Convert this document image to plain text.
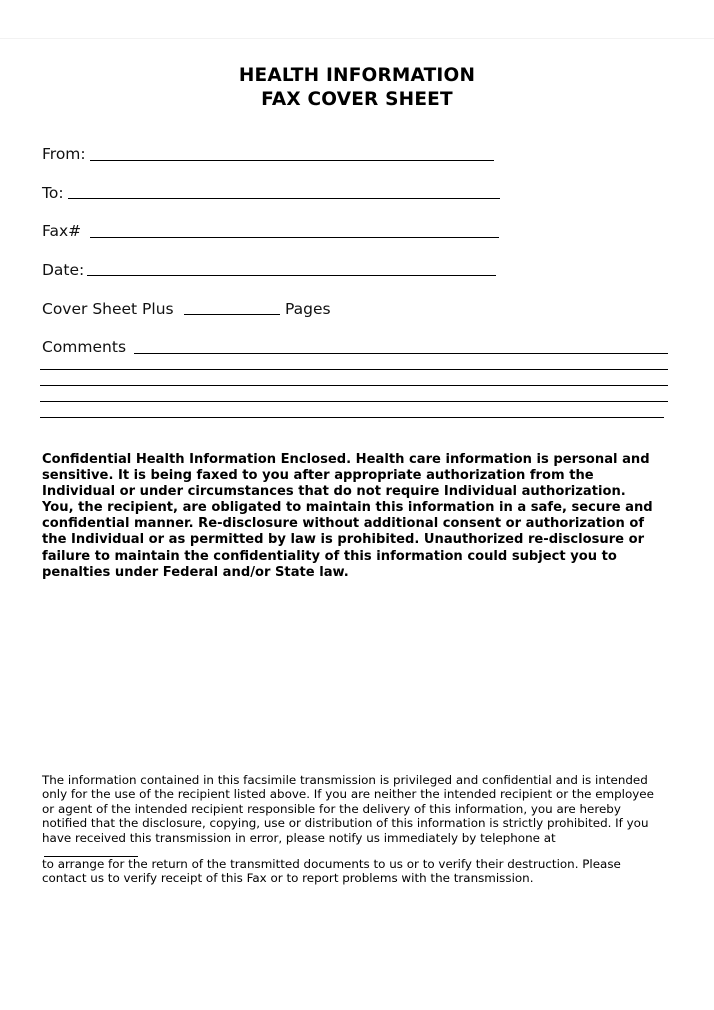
HEALTH INFORMATION
FAX COVER SHEET
From:
To:
Fax#
Date:
Cover Sheet Plus	Pages
Comments
Confidential Health Information Enclosed. Health care information is personal and
sensitive. It is being faxed to you after appropriate authorization from the
Individual or under circumstances that do not require Individual authorization.
You, the recipient, are obligated to maintain this information in a safe, secure and
confidential manner. Re-disclosure without additional consent or authorization of
the Individual or as permitted by law is prohibited. Unauthorized re-disclosure or
failure to maintain the confidentiality of this information could subject you to
penalties under Federal and/or State law.
The information contained in this facsimile transmission is privileged and confidential and is intended
only for the use of the recipient listed above. If you are neither the intended recipient or the employee
or agent of the intended recipient responsible for the delivery of this information, you are hereby
notified that the disclosure, copying, use or distribution of this information is strictly prohibited. If you
have received this transmission in error, please notify us immediately by telephone at
to arrange for the return of the transmitted documents to us or to verify their destruction. Please
contact us to verify receipt of this Fax or to report problems with the transmission.
